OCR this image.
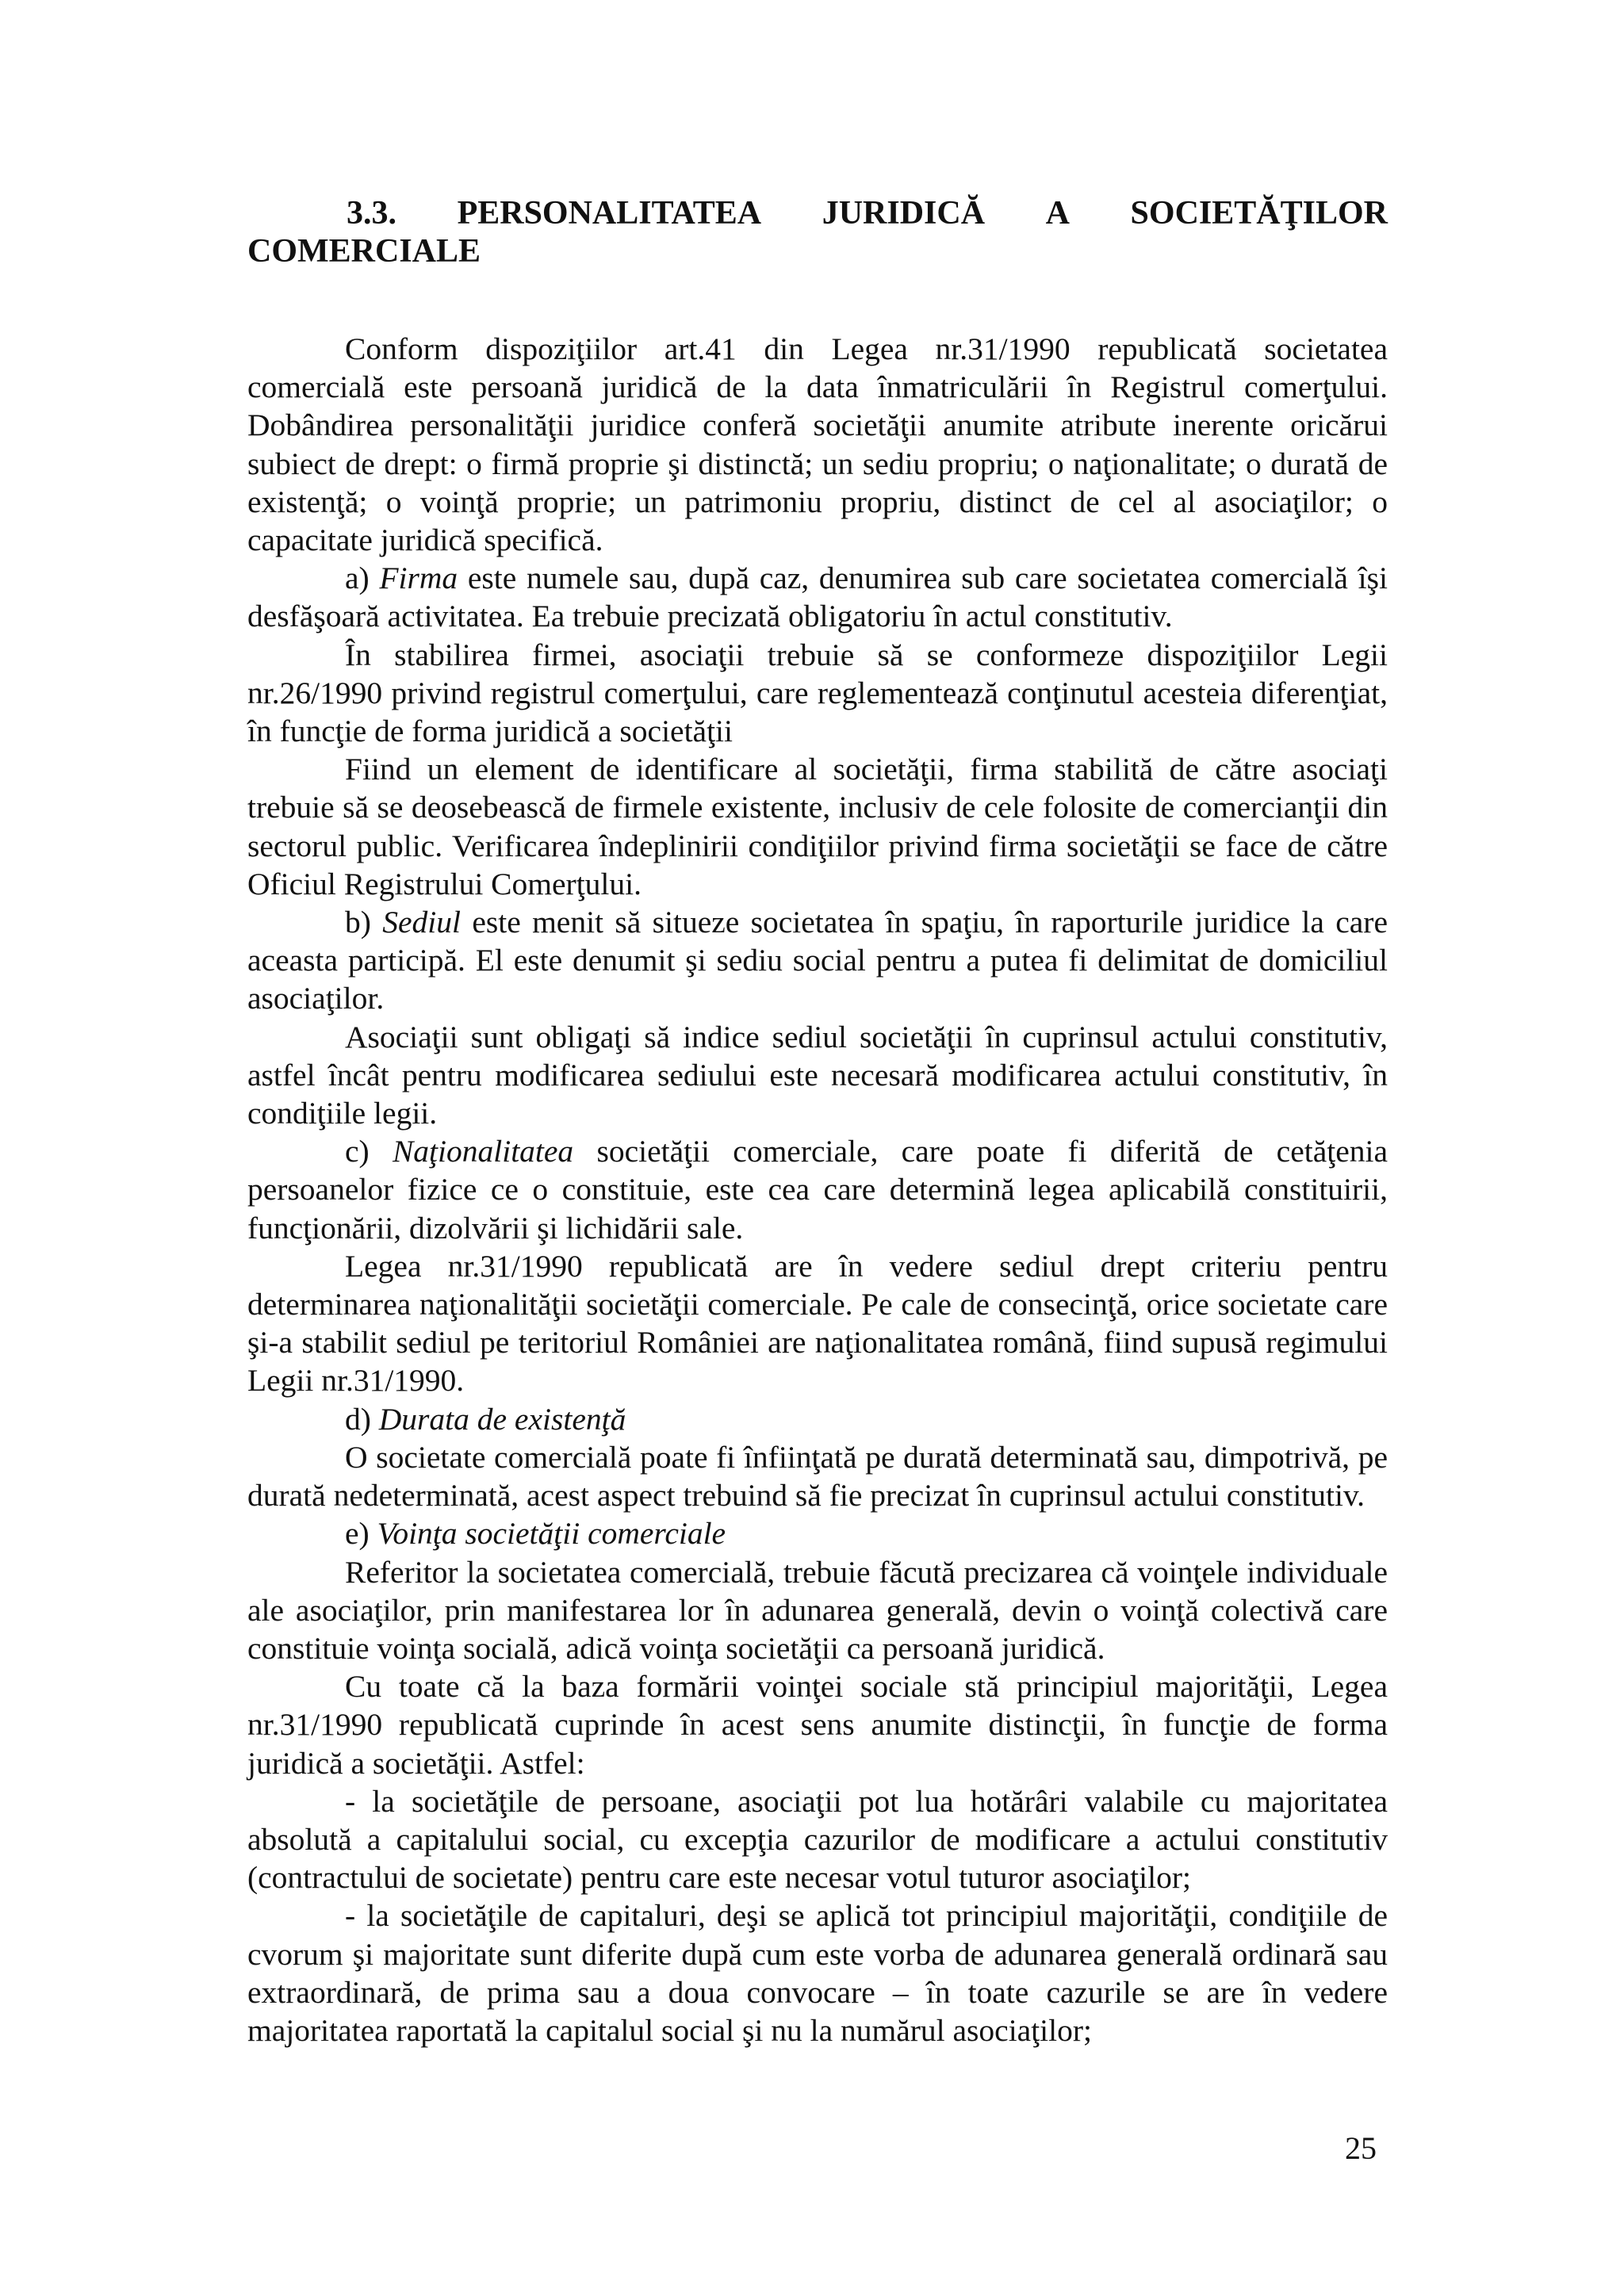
3.3. PERSONALITATEA JURIDICĂ A SOCIETĂŢILOR
COMERCIALE

Conform dispoziţiilor art.41 din Legea nr.31/1990 republicată societatea comercială este persoană juridică de la data înmatriculării în Registrul comerţului. Dobândirea personalităţii juridice conferă societăţii anumite atribute inerente oricărui subiect de drept: o firmă proprie şi distinctă; un sediu propriu; o naţionalitate; o durată de existenţă; o voinţă proprie; un patrimoniu propriu, distinct de cel al asociaţilor; o capacitate juridică specifică.

a) Firma este numele sau, după caz, denumirea sub care societatea comercială îşi desfăşoară activitatea. Ea trebuie precizată obligatoriu în actul constitutiv.

În stabilirea firmei, asociaţii trebuie să se conformeze dispoziţiilor Legii nr.26/1990 privind registrul comerţului, care reglementează conţinutul acesteia diferenţiat, în funcţie de forma juridică a societăţii

Fiind un element de identificare al societăţii, firma stabilită de către asociaţi trebuie să se deosebească de firmele existente, inclusiv de cele folosite de comercianţii din sectorul public. Verificarea îndeplinirii condiţiilor privind firma societăţii se face de către Oficiul Registrului Comerţului.

b) Sediul este menit să situeze societatea în spaţiu, în raporturile juridice la care aceasta participă. El este denumit şi sediu social pentru a putea fi delimitat de domiciliul asociaţilor.

Asociaţii sunt obligaţi să indice sediul societăţii în cuprinsul actului constitutiv, astfel încât pentru modificarea sediului este necesară modificarea actului constitutiv, în condiţiile legii.

c) Naţionalitatea societăţii comerciale, care poate fi diferită de cetăţenia persoanelor fizice ce o constituie, este cea care determină legea aplicabilă constituirii, funcţionării, dizolvării şi lichidării sale.

Legea nr.31/1990 republicată are în vedere sediul drept criteriu pentru determinarea naţionalităţii societăţii comerciale. Pe cale de consecinţă, orice societate care şi-a stabilit sediul pe teritoriul României are naţionalitatea română, fiind supusă regimului Legii nr.31/1990.

d) Durata de existenţă

O societate comercială poate fi înfiinţată pe durată determinată sau, dimpotrivă, pe durată nedeterminată, acest aspect trebuind să fie precizat în cuprinsul actului constitutiv.

e) Voinţa societăţii comerciale

Referitor la societatea comercială, trebuie făcută precizarea că voinţele individuale ale asociaţilor, prin manifestarea lor în adunarea generală, devin o voinţă colectivă care constituie voinţa socială, adică voinţa societăţii ca persoană juridică.

Cu toate că la baza formării voinţei sociale stă principiul majorităţii, Legea nr.31/1990 republicată cuprinde în acest sens anumite distincţii, în funcţie de forma juridică a societăţii. Astfel:

- la societăţile de persoane, asociaţii pot lua hotărâri valabile cu majoritatea absolută a capitalului social, cu excepţia cazurilor de modificare a actului constitutiv (contractului de societate) pentru care este necesar votul tuturor asociaţilor;

- la societăţile de capitaluri, deşi se aplică tot principiul majorităţii, condiţiile de cvorum şi majoritate sunt diferite după cum este vorba de adunarea generală ordinară sau extraordinară, de prima sau a doua convocare – în toate cazurile se are în vedere majoritatea raportată la capitalul social şi nu la numărul asociaţilor;

25
